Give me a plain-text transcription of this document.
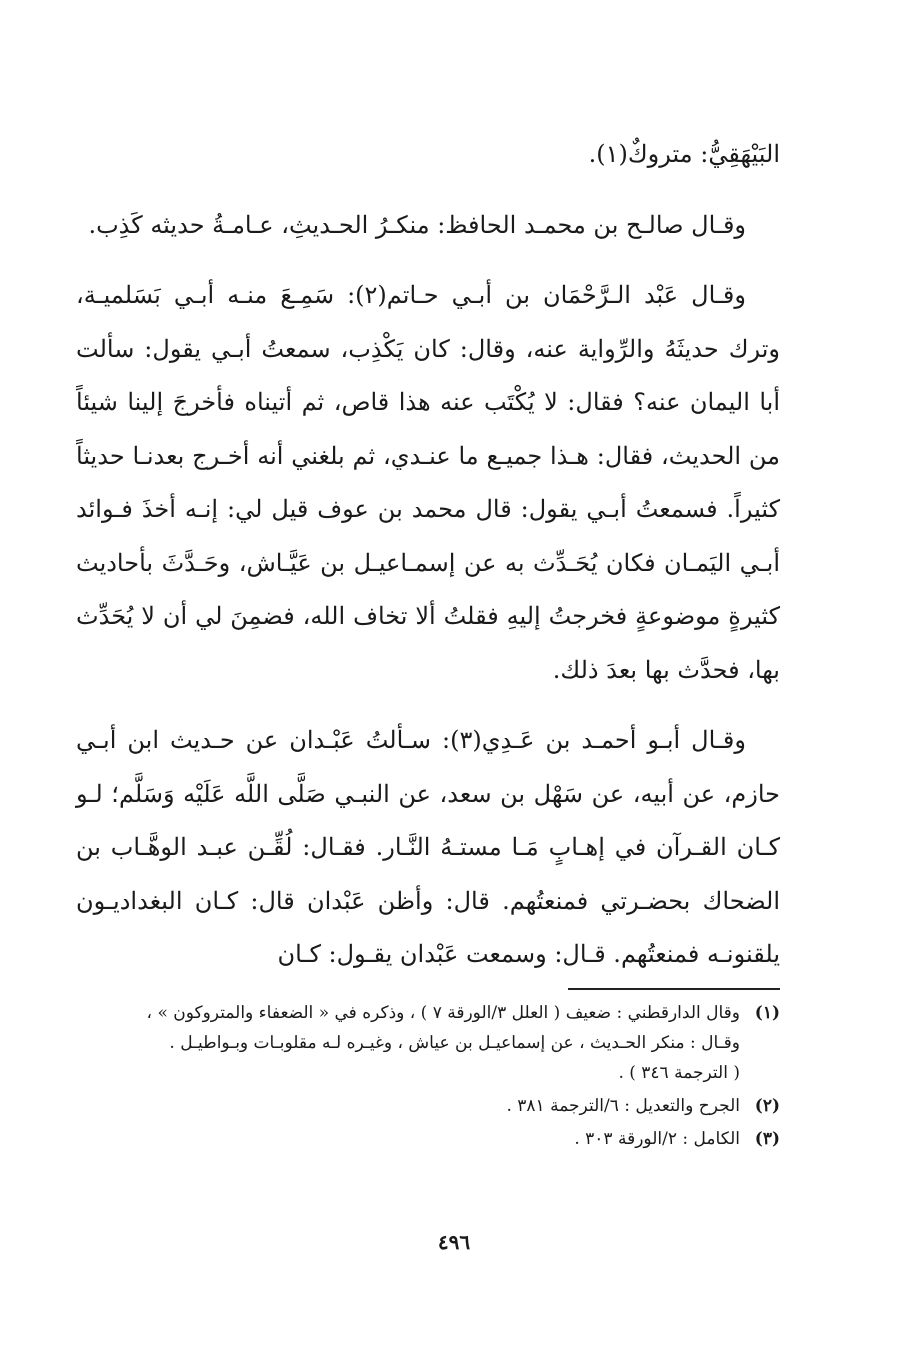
البَيْهَقِيُّ: متروكٌ(١).

وقـال صالـح بن محمـد الحافظ: منكـرُ الحـديثِ، عـامـةُ حديثه كَذِب.

وقـال عَبْد الـرَّحْمَان بن أبـي حـاتم(٢): سَمِـعَ منـه أبـي بَسَلميـة، وترك حديثَهُ والرِّواية عنه، وقال: كان يَكْذِب، سمعتُ أبـي يقول: سألت أبا اليمان عنه؟ فقال: لا يُكْتَب عنه هذا قاص، ثم أتيناه فأخرجَ إلينا شيئاً من الحديث، فقال: هـذا جميـع ما عنـدي، ثم بلغني أنه أخـرج بعدنـا حديثاً كثيراً. فسمعتُ أبـي يقول: قال محمد بن عوف قيل لي: إنـه أخذَ فـوائد أبـي اليَمـان فكان يُحَـدِّث به عن إسمـاعيـل بن عَيَّـاش، وحَـدَّثَ بأحاديث كثيرةٍ موضوعةٍ فخرجتُ إليهِ فقلتُ ألا تخاف الله، فضمِنَ لي أن لا يُحَدِّث بها، فحدَّث بها بعدَ ذلك.

وقـال أبـو أحمـد بن عَـدِي(٣): سـألتُ عَبْـدان عن حـديث ابن أبـي حازم، عن أبيه، عن سَهْل بن سعد، عن النبـي صَلَّى اللَّه عَلَيْه وَسَلَّم؛ لـو كـان القـرآن في إهـابٍ مَـا مستـهُ النَّـار. فقـال: لُقِّـن عبـد الوهَّـاب بن الضحاك بحضـرتي فمنعتُهم. قال: وأظن عَبْدان قال: كـان البغداديـون يلقنونـه فمنعتُهم. قـال: وسمعت عَبْدان يقـول: كـان

(١)
وقال الدارقطني : ضعيف ( العلل ٣/الورقة ٧ ) ، وذكره في « الضعفاء والمتروكون » ،
وقـال : منكر الحـديث ، عن إسماعيـل بن عياش ، وغيـره لـه مقلوبـات وبـواطيـل .
( الترجمة ٣٤٦ ) .
(٢)
الجرح والتعديل : ٦/الترجمة ٣٨١ .
(٣)
الكامل : ٢/الورقة ٣٠٣ .
٤٩٦
